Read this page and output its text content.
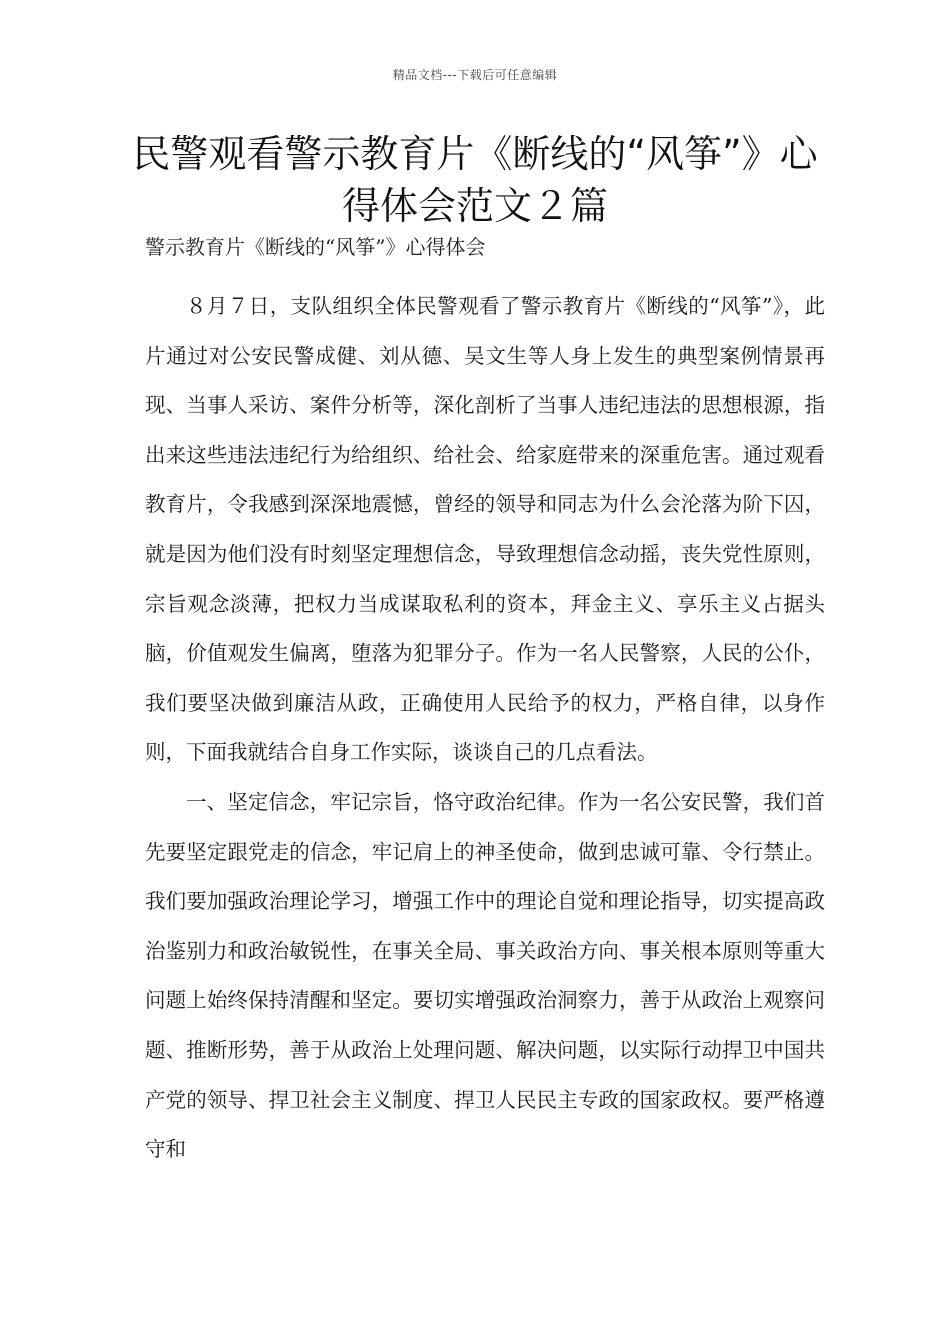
精品文档---下载后可任意编辑
民警观看警示教育片《断线的“风筝”》心得体会范文２篇

警示教育片《断线的“风筝”》心得体会

８月７日，支队组织全体民警观看了警示教育片《断线的“风筝”》，此片通过对公安民警成健、刘从德、吴文生等人身上发生的典型案例情景再现、当事人采访、案件分析等，深化剖析了当事人违纪违法的思想根源，指出来这些违法违纪行为给组织、给社会、给家庭带来的深重危害。通过观看教育片，令我感到深深地震憾，曾经的领导和同志为什么会沦落为阶下囚，就是因为他们没有时刻坚定理想信念，导致理想信念动摇，丧失党性原则，宗旨观念淡薄，把权力当成谋取私利的资本，拜金主义、享乐主义占据头脑，价值观发生偏离，堕落为犯罪分子。作为一名人民警察，人民的公仆，我们要坚决做到廉洁从政，正确使用人民给予的权力，严格自律，以身作则，下面我就结合自身工作实际，谈谈自己的几点看法。

一、坚定信念，牢记宗旨，恪守政治纪律。作为一名公安民警，我们首先要坚定跟党走的信念，牢记肩上的神圣使命，做到忠诚可靠、令行禁止。我们要加强政治理论学习，增强工作中的理论自觉和理论指导，切实提高政治鉴别力和政治敏锐性，在事关全局、事关政治方向、事关根本原则等重大问题上始终保持清醒和坚定。要切实增强政治洞察力，善于从政治上观察问题、推断形势，善于从政治上处理问题、解决问题，以实际行动捍卫中国共产党的领导、捍卫社会主义制度、捍卫人民民主专政的国家政权。要严格遵守和
